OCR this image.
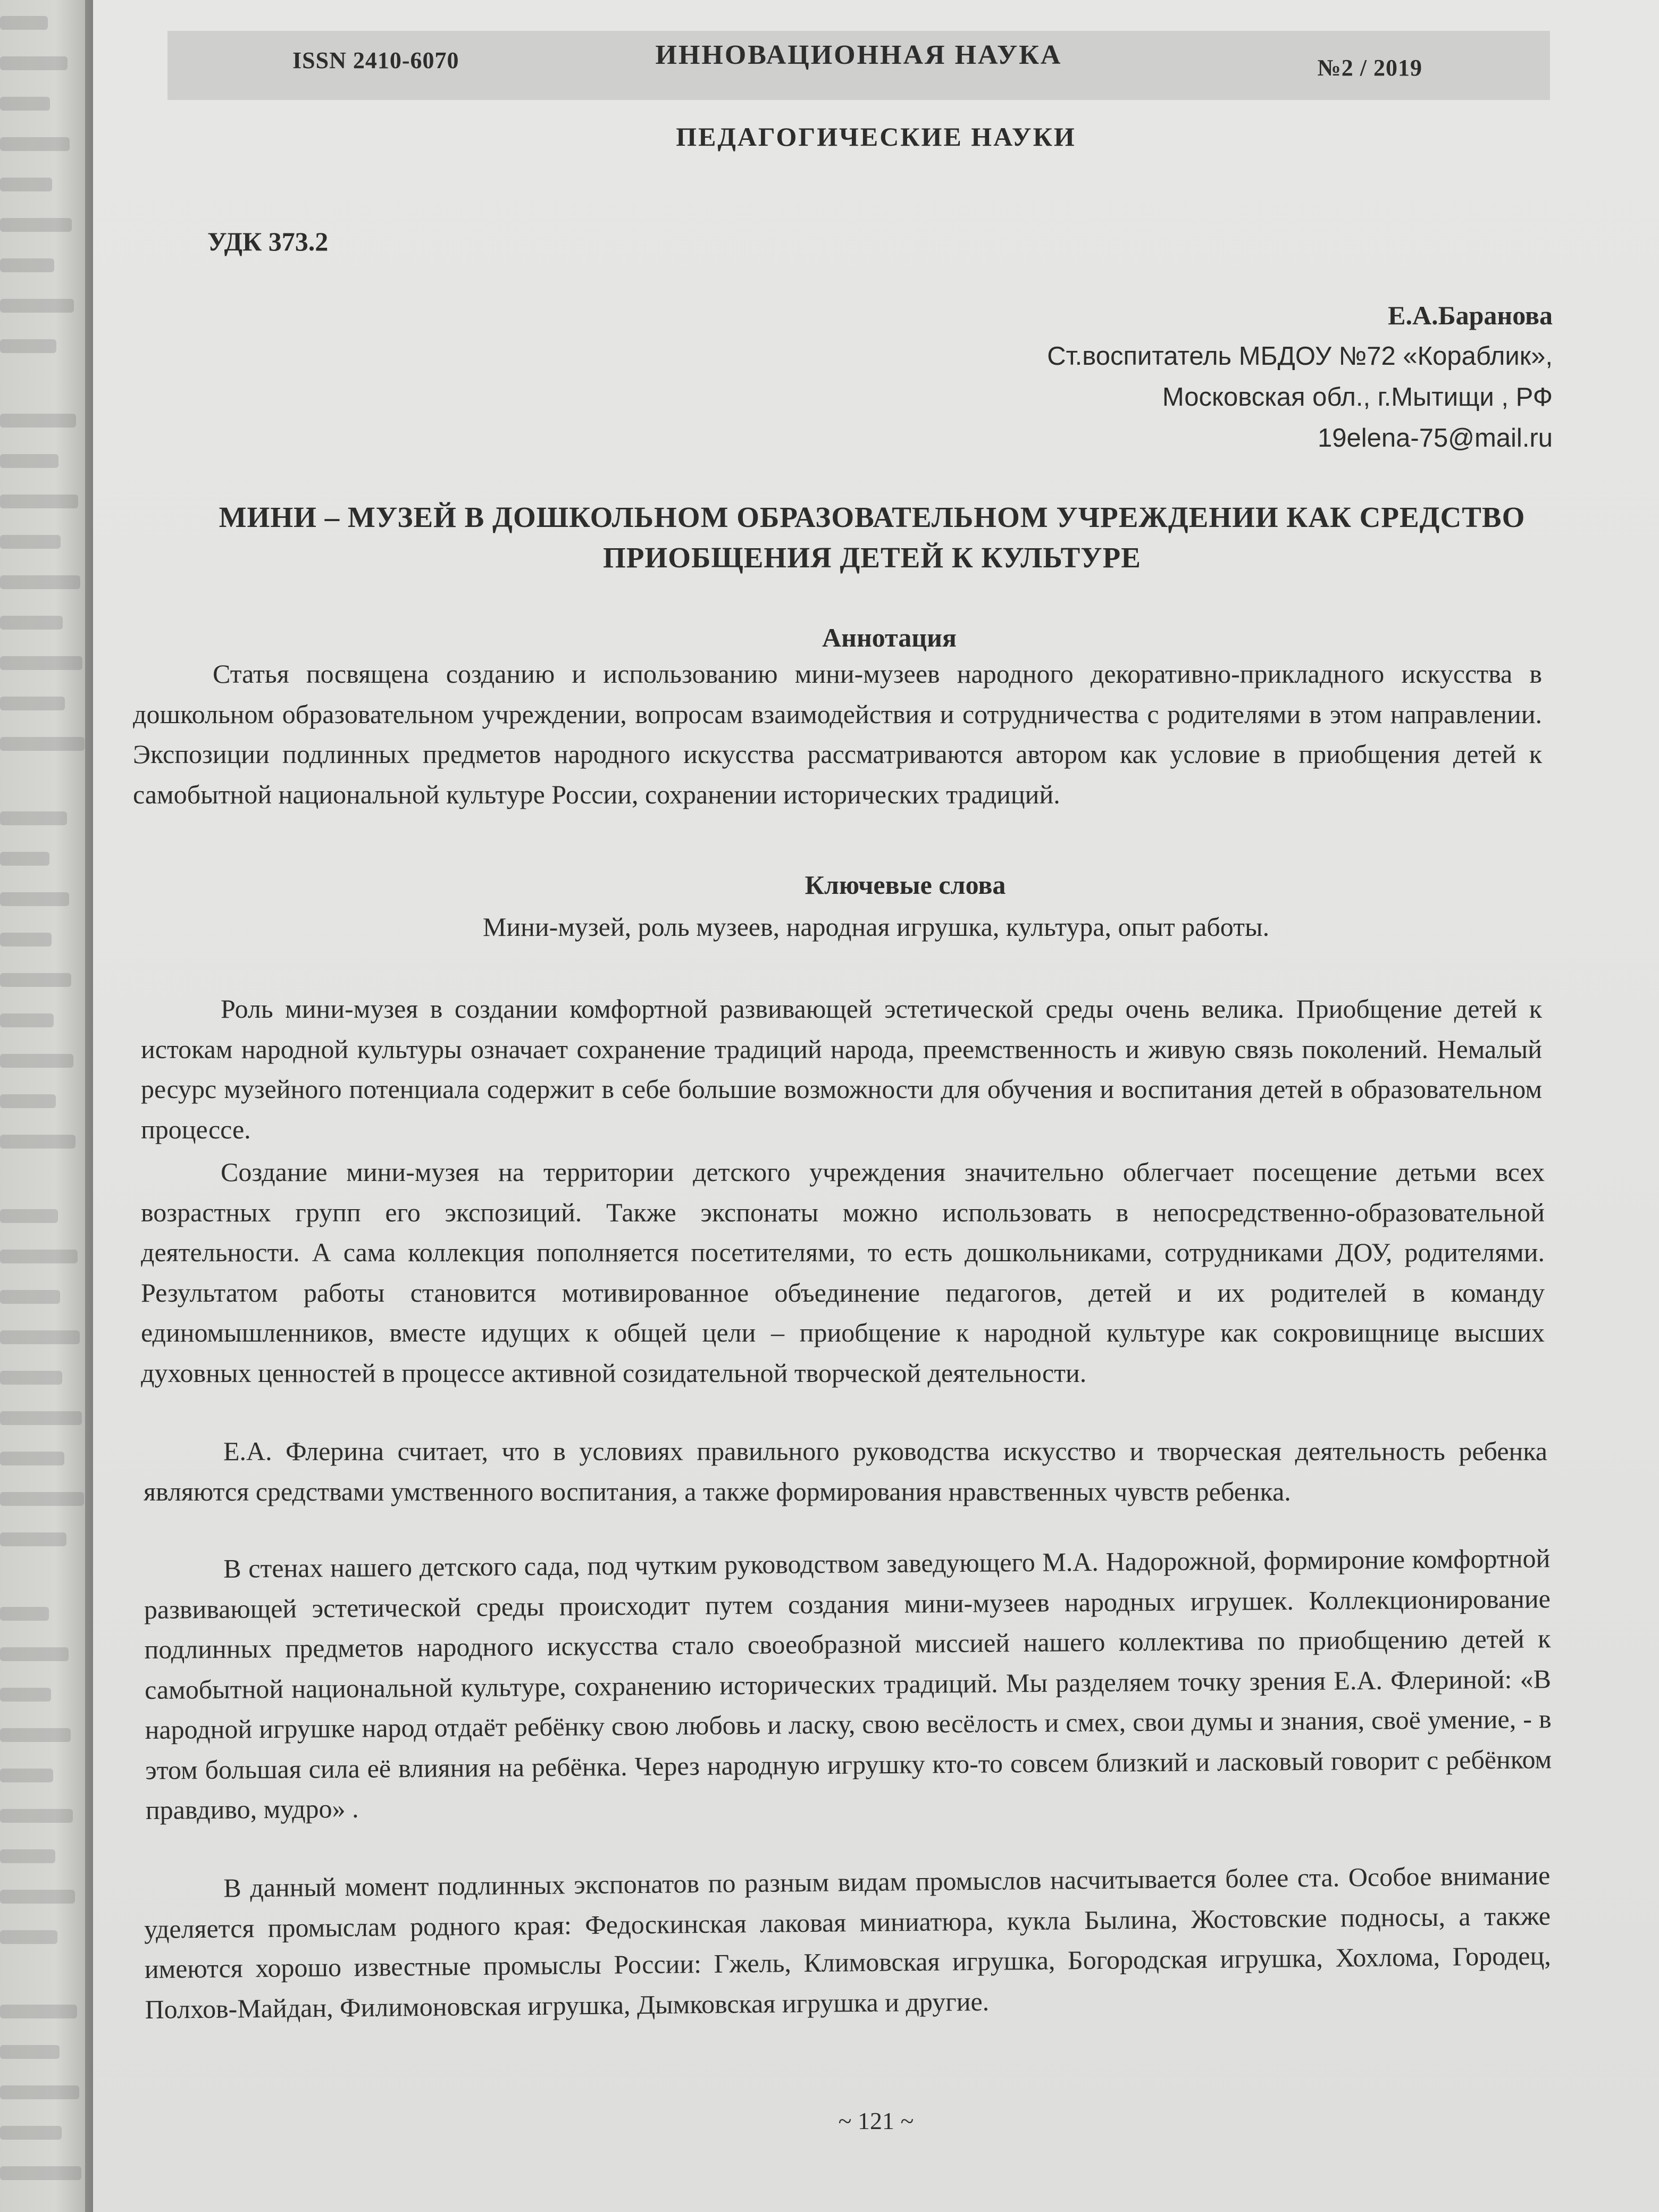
ISSN 2410-6070	ИННОВАЦИОННАЯ НАУКА	№2 / 2019
ПЕДАГОГИЧЕСКИЕ НАУКИ
УДК 373.2
Е.А.Баранова
Ст.воспитатель МБДОУ №72 «Кораблик»,
Московская обл., г.Мытищи , РФ
19elena-75@mail.ru
МИНИ – МУЗЕЙ В ДОШКОЛЬНОМ ОБРАЗОВАТЕЛЬНОМ УЧРЕЖДЕНИИ КАК СРЕДСТВО ПРИОБЩЕНИЯ ДЕТЕЙ К КУЛЬТУРЕ
Аннотация

Статья посвящена созданию и использованию мини-музеев народного декоративно-прикладного искусства в дошкольном образовательном учреждении, вопросам взаимодействия и сотрудничества с родителями в этом направлении. Экспозиции подлинных предметов народного искусства рассматриваются автором как условие в приобщения детей к самобытной национальной культуре России, сохранении исторических традиций.

Ключевые слова
Мини-музей, роль музеев, народная игрушка, культура, опыт работы.

Роль мини-музея в создании комфортной развивающей эстетической среды очень велика. Приобщение детей к истокам народной культуры означает сохранение традиций народа, преемственность и живую связь поколений. Немалый ресурс музейного потенциала содержит в себе большие возможности для обучения и воспитания детей в образовательном процессе.

Создание мини-музея на территории детского учреждения значительно облегчает посещение детьми всех возрастных групп его экспозиций. Также экспонаты можно использовать в непосредственно-образовательной деятельности. А сама коллекция пополняется посетителями, то есть дошкольниками, сотрудниками ДОУ, родителями. Результатом работы становится мотивированное объединение педагогов, детей и их родителей в команду единомышленников, вместе идущих к общей цели – приобщение к народной культуре как сокровищнице высших духовных ценностей в процессе активной созидательной творческой деятельности.

Е.А. Флерина считает, что в условиях правильного руководства искусство и творческая деятельность ребенка являются средствами умственного воспитания, а также формирования нравственных чувств ребенка.

В стенах нашего детского сада, под чутким руководством заведующего М.А. Надорожной, формироние комфортной развивающей эстетической среды происходит путем создания мини-музеев народных игрушек. Коллекционирование подлинных предметов народного искусства стало своеобразной миссией нашего коллектива по приобщению детей к самобытной национальной культуре, сохранению исторических традиций. Мы разделяем точку зрения Е.А. Флериной: «В народной игрушке народ отдаёт ребёнку свою любовь и ласку, свою весёлость и смех, свои думы и знания, своё умение, - в этом большая сила её влияния на ребёнка. Через народную игрушку кто-то совсем близкий и ласковый говорит с ребёнком правдиво, мудро» .

В данный момент подлинных экспонатов по разным видам промыслов насчитывается более ста. Особое внимание уделяется промыслам родного края: Федоскинская лаковая миниатюра, кукла Былина, Жостовские подносы, а также имеются хорошо известные промыслы России: Гжель, Климовская игрушка, Богородская игрушка, Хохлома, Городец, Полхов-Майдан, Филимоновская игрушка, Дымковская игрушка и другие.

~ 121 ~
